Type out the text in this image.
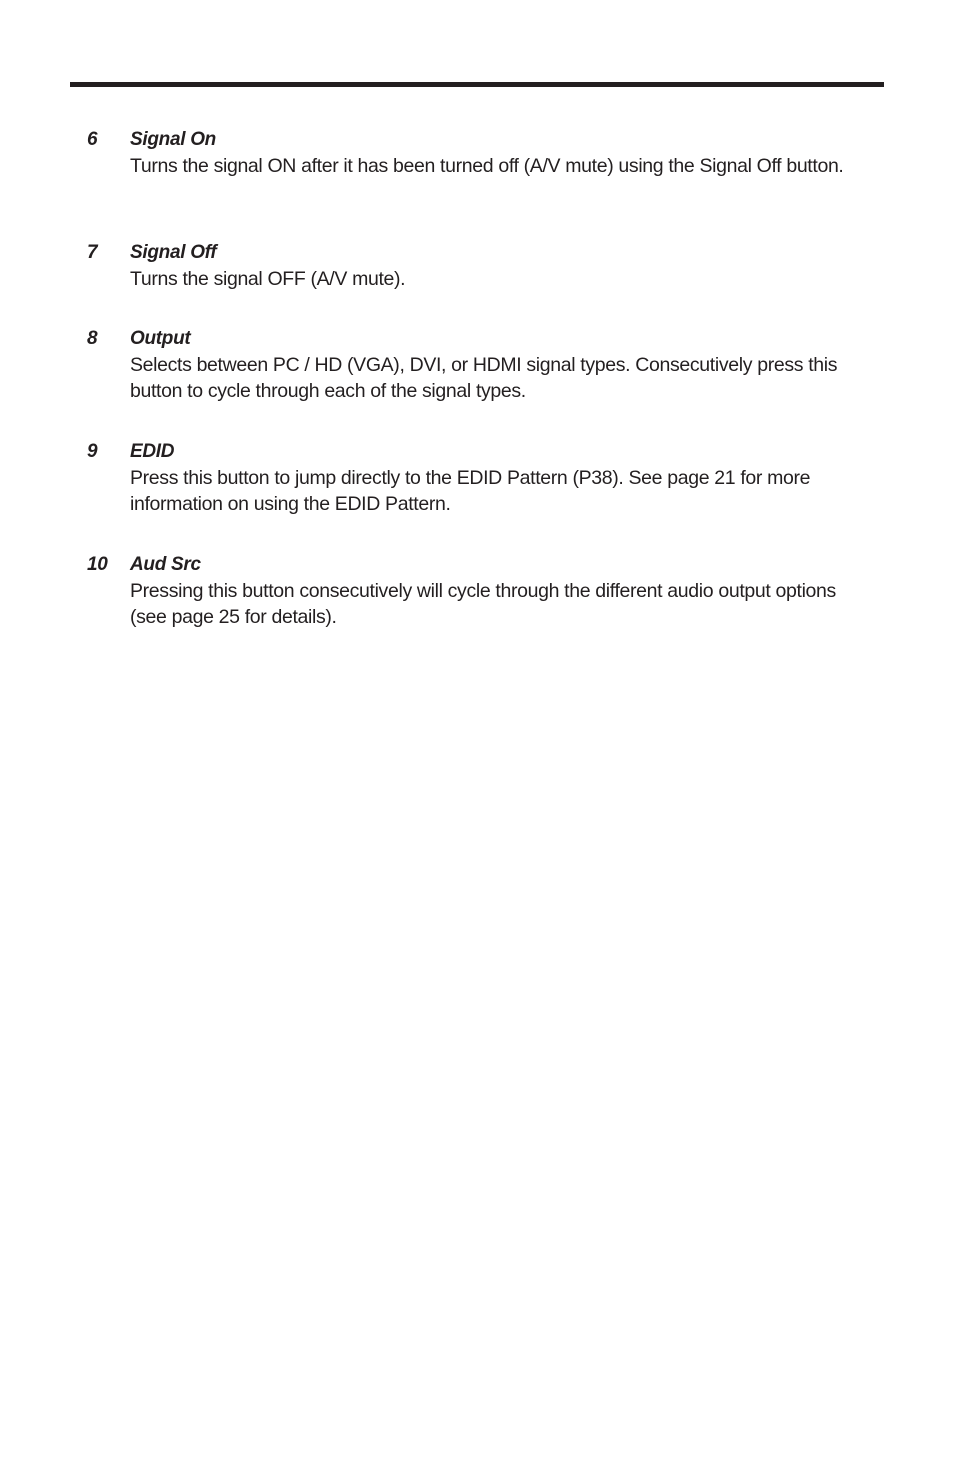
6 Signal On
Turns the signal ON after it has been turned off (A/V mute) using the Signal Off button.
7 Signal Off
Turns the signal OFF (A/V mute).
8 Output
Selects between PC / HD (VGA), DVI, or HDMI signal types. Consecutively press this button to cycle through each of the signal types.
9 EDID
Press this button to jump directly to the EDID Pattern (P38). See page 21 for more information on using the EDID Pattern.
10 Aud Src
Pressing this button consecutively will cycle through the different audio output options (see page 25 for details).
